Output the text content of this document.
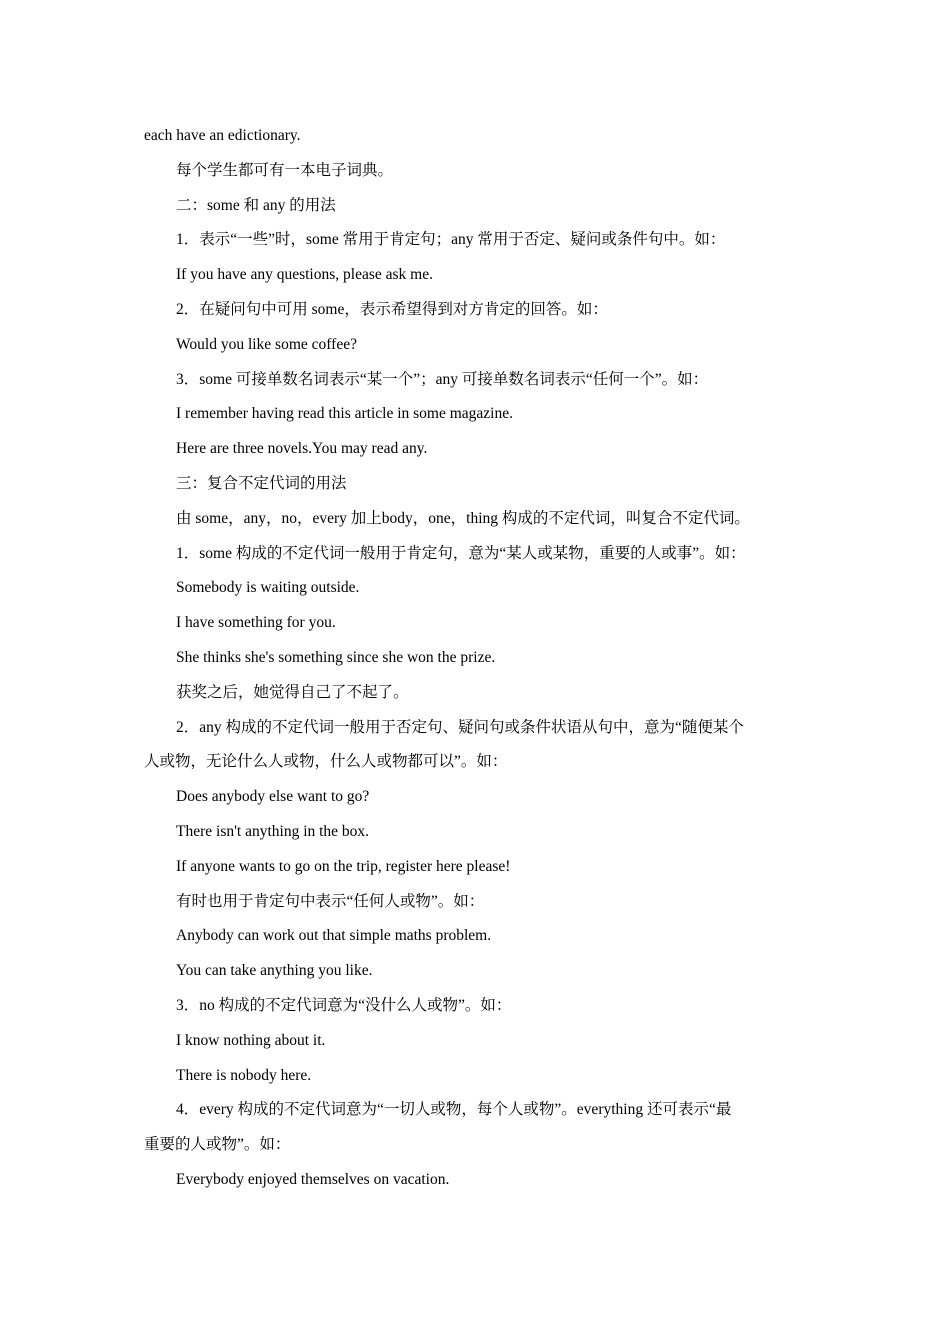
each have an edictionary.

每个学生都可有一本电子词典。

二：some 和 any 的用法

1．表示“一些”时，some 常用于肯定句；any 常用于否定、疑问或条件句中。如：

If you have any questions, please ask me.

2．在疑问句中可用 some，表示希望得到对方肯定的回答。如：

Would you like some coffee?

3．some 可接单数名词表示“某一个”；any 可接单数名词表示“任何一个”。如：

I remember having read this article in some magazine.

Here are three novels.You may read any.

三：复合不定代词的用法

由 some，any，no，every 加上body，one，thing 构成的不定代词，叫复合不定代词。

1．some 构成的不定代词一般用于肯定句，意为“某人或某物，重要的人或事”。如：

Somebody is waiting outside.

I have something for you.

She thinks she's something since she won the prize.

获奖之后，她觉得自己了不起了。

2．any 构成的不定代词一般用于否定句、疑问句或条件状语从句中，意为“随便某个

人或物，无论什么人或物，什么人或物都可以”。如：

Does anybody else want to go?

There isn't anything in the box.

If anyone wants to go on the trip, register here please!

有时也用于肯定句中表示“任何人或物”。如：

Anybody can work out that simple maths problem.

You can take anything you like.

3．no 构成的不定代词意为“没什么人或物”。如：

I know nothing about it.

There is nobody here.

4．every 构成的不定代词意为“一切人或物，每个人或物”。everything 还可表示“最

重要的人或物”。如：

Everybody enjoyed themselves on vacation.
